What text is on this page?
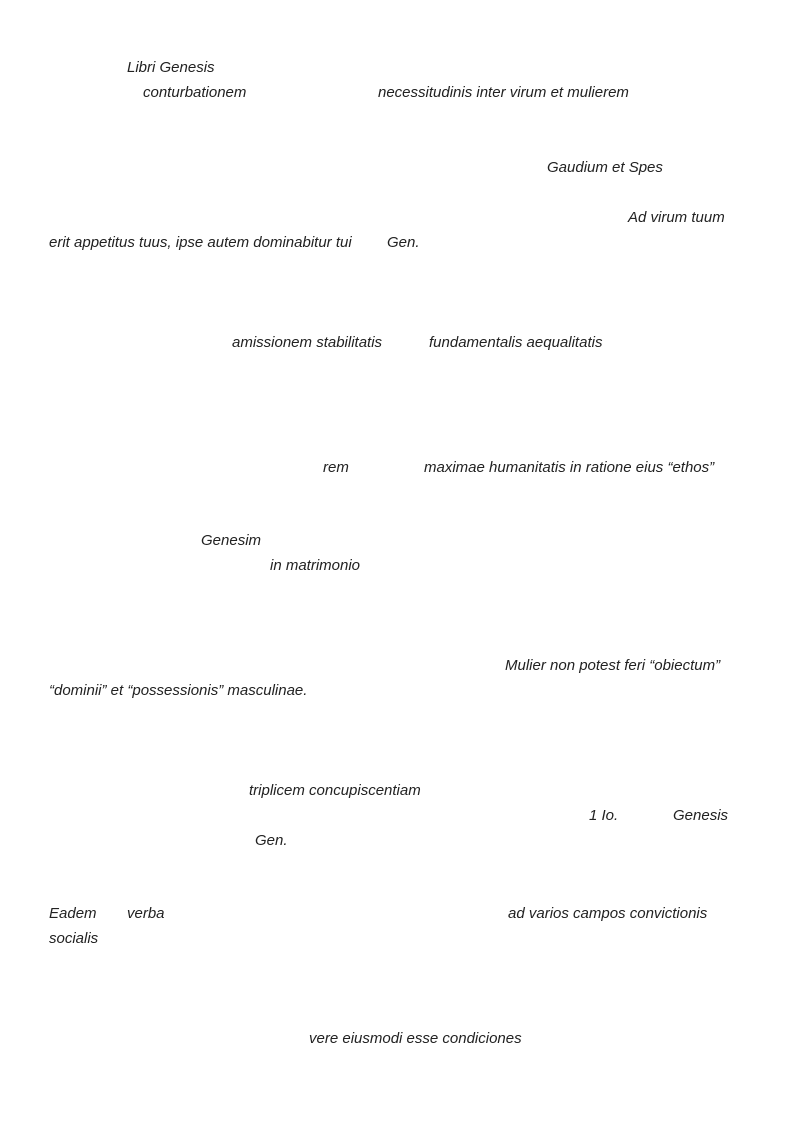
Libri Genesis
conturbationem	necessitudinis inter virum et mulierem
Gaudium et Spes
Ad virum tuum
erit appetitus tuus, ipse autem dominabitur tui Gen.
amissionem stabilitatis	fundamentalis aequalitatis
rem	maximae humanitatis in ratione eius “ethos”
Genesim
in matrimonio
Mulier non potest feri “obiectum”
“dominii” et “possessionis” masculinae.
triplicem concupiscentiam
1 Io.	Genesis
Gen.
Eadem verba	ad varios campos convictionis
socialis
vere eiusmodi esse condiciones
